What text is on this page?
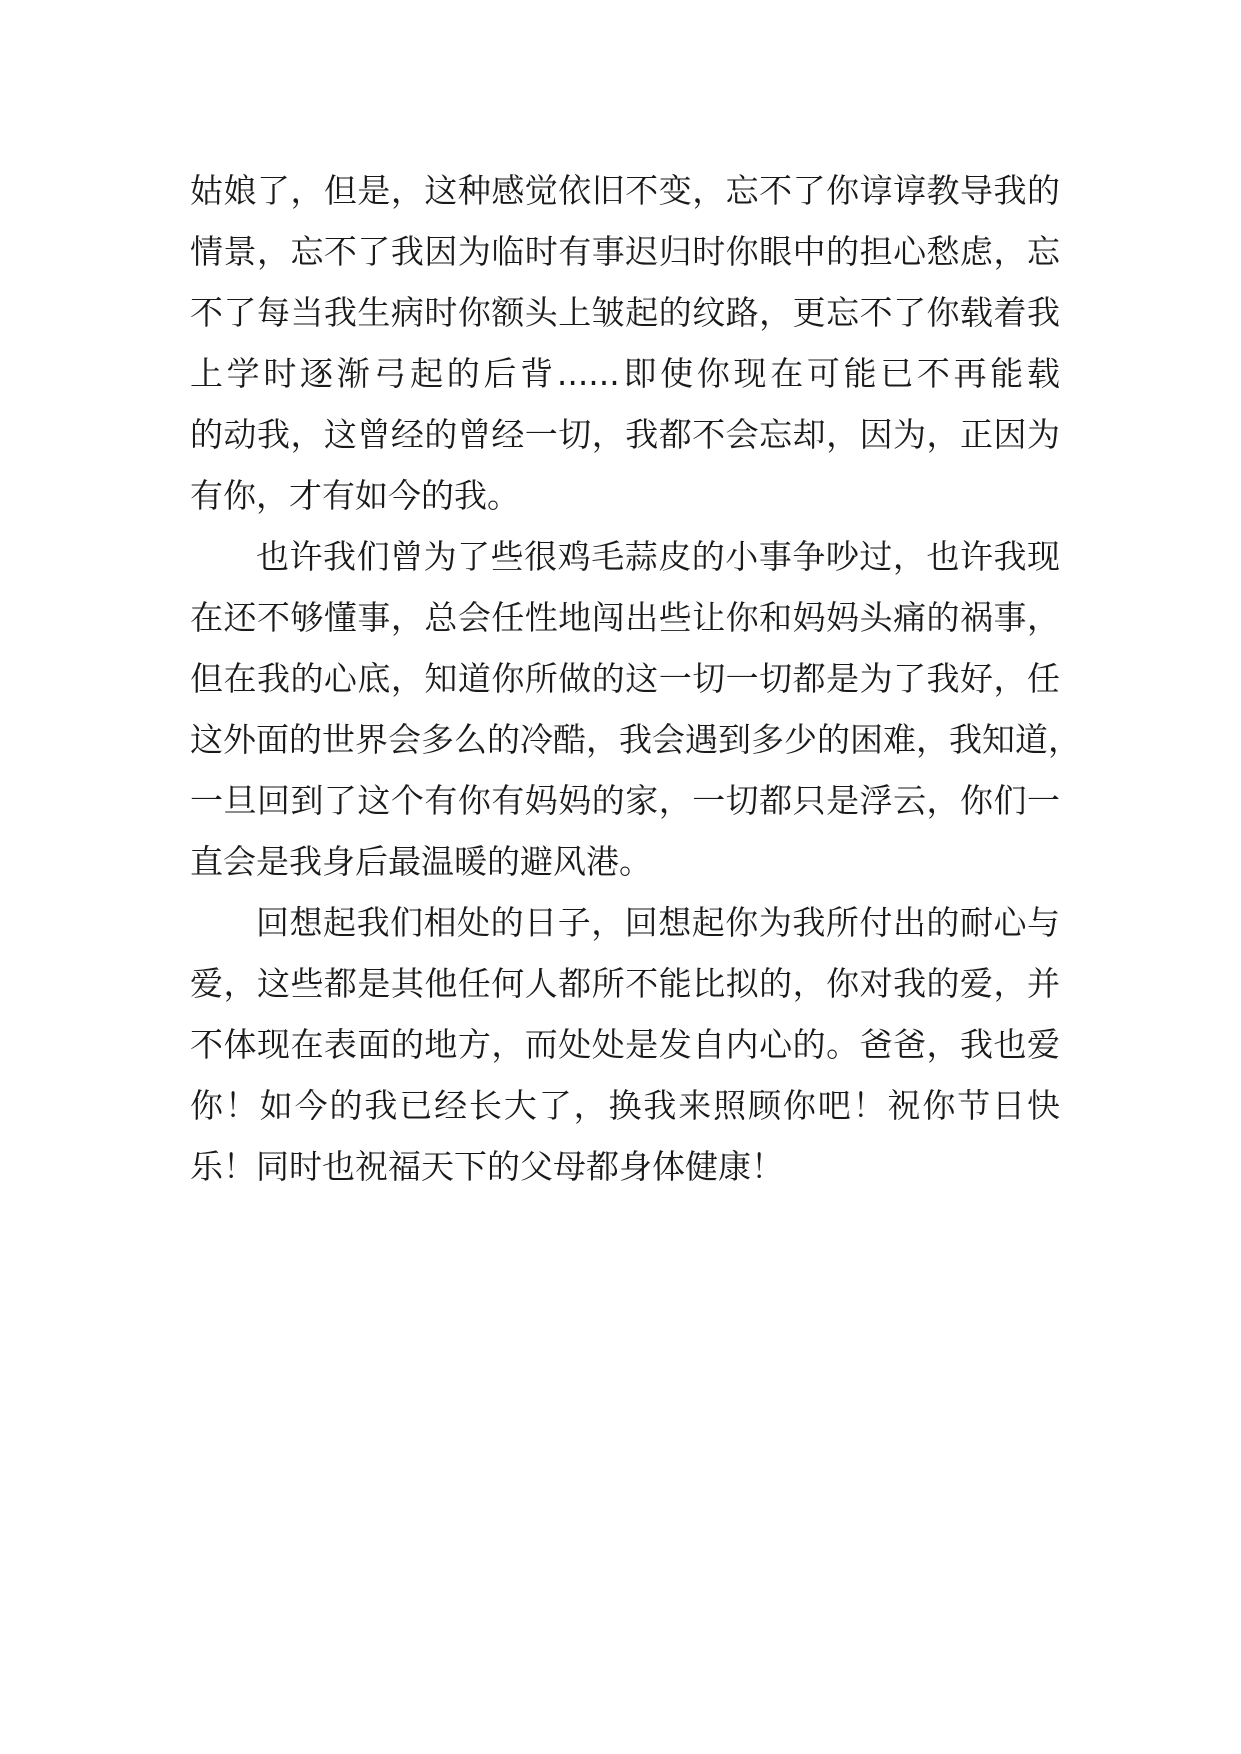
姑娘了，但是，这种感觉依旧不变，忘不了你谆谆教导我的
情景，忘不了我因为临时有事迟归时你眼中的担心愁虑，忘
不了每当我生病时你额头上皱起的纹路，更忘不了你载着我
上学时逐渐弓起的后背......即使你现在可能已不再能载
的动我，这曾经的曾经一切，我都不会忘却，因为，正因为
有你，才有如今的我。
也许我们曾为了些很鸡毛蒜皮的小事争吵过，也许我现
在还不够懂事，总会任性地闯出些让你和妈妈头痛的祸事，
但在我的心底，知道你所做的这一切一切都是为了我好，任
这外面的世界会多么的冷酷，我会遇到多少的困难，我知道，
一旦回到了这个有你有妈妈的家，一切都只是浮云，你们一
直会是我身后最温暖的避风港。
回想起我们相处的日子，回想起你为我所付出的耐心与
爱，这些都是其他任何人都所不能比拟的，你对我的爱，并
不体现在表面的地方，而处处是发自内心的。爸爸，我也爱
你！如今的我已经长大了，换我来照顾你吧！祝你节日快
乐！同时也祝福天下的父母都身体健康！
